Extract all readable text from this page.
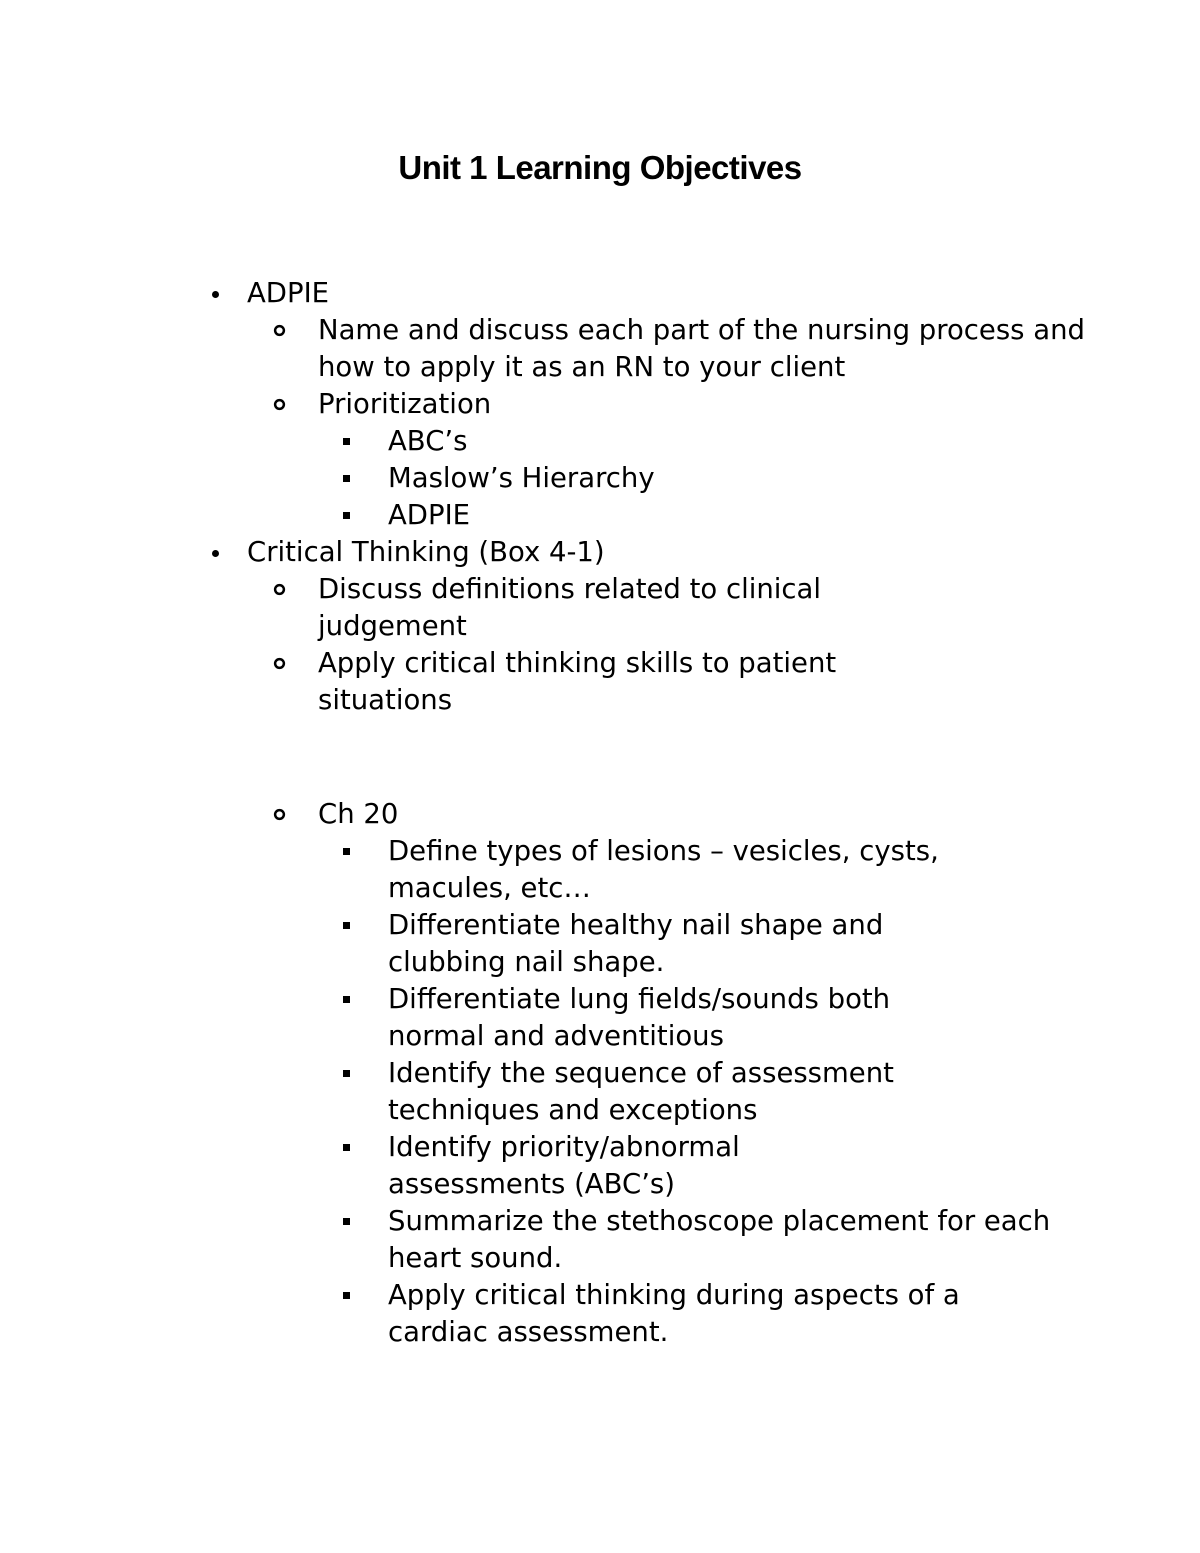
Unit 1 Learning Objectives
ADPIE
Name and discuss each part of the nursing process and how to apply it as an RN to your client
Prioritization
ABC’s
Maslow’s Hierarchy
ADPIE
Critical Thinking (Box 4-1)
Discuss definitions related to clinical judgement
Apply critical thinking skills to patient situations
Ch 20
Define types of lesions – vesicles, cysts, macules, etc…
Differentiate healthy nail shape and clubbing nail shape.
Differentiate lung fields/sounds both normal and adventitious
Identify the sequence of assessment techniques and exceptions
Identify priority/abnormal assessments (ABC’s)
Summarize the stethoscope placement for each heart sound.
Apply critical thinking during aspects of a cardiac assessment.
